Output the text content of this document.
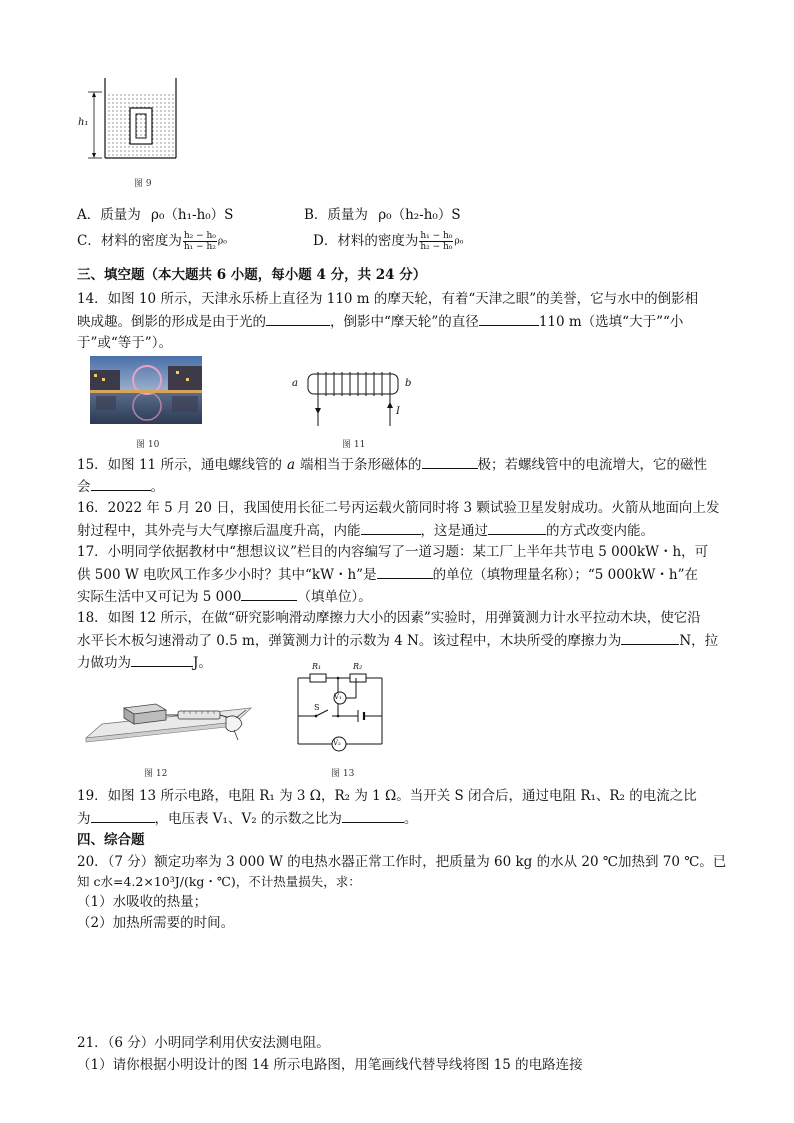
h₁
图 9
A．质量为 ρ₀（h₁-h₀）S	B．质量为 ρ₀（h₂-h₀）S
C．材料的密度为 $\frac{\text{h₂ − h₀}}{\text{h₁ − h₂}} \rho_0$	D．材料的密度为 $\frac{\text{h₁ − h₀}}{\text{h₂ − h₀}} \rho_0$
三、填空题（本大题共 6 小题，每小题 4 分，共 24 分）
14．如图 10 所示，天津永乐桥上直径为 110 m 的摩天轮，有着“天津之眼”的美誉，它与水中的倒影相
映成趣。倒影的形成是由于光的	，倒影中“摩天轮”的直径	110 m（选填“大于”“小
于”或“等于”）。
图 10
a	b
I
图 11
15．如图 11 所示，通电螺线管的 a 端相当于条形磁体的	极；若螺线管中的电流增大，它的磁性
会	。
16．2022 年 5 月 20 日，我国使用长征二号丙运载火箭同时将 3 颗试验卫星发射成功。火箭从地面向上发
射过程中，其外壳与大气摩擦后温度升高，内能	，这是通过	的方式改变内能。
17．小明同学依据教材中“想想议议”栏目的内容编写了一道习题：某工厂上半年共节电 5 000kW・h，可
供 500 W 电吹风工作多少小时？其中“kW・h”是	的单位（填物理量名称）；“5 000kW・h”在
实际生活中又可记为 5 000	（填单位）。
18．如图 12 所示，在做“研究影响滑动摩擦力大小的因素”实验时，用弹簧测力计水平拉动木块，使它沿
水平长木板匀速滑动了 0.5 m，弹簧测力计的示数为 4 N。该过程中，木块所受的摩擦力为	N，拉
力做功为	J。
图 12
R₁	R₂
V₁
V₂
S
图 13
19．如图 13 所示电路，电阻 R₁ 为 3 Ω，R₂ 为 1 Ω。当开关 S 闭合后，通过电阻 R₁、R₂ 的电流之比
为	，电压表 V₁、V₂ 的示数之比为	。
四、综合题
20．（7 分）额定功率为 3 000 W 的电热水器正常工作时，把质量为 60 kg 的水从 20 ℃加热到 70 ℃。已
知 c水=4.2×10³J/(kg・℃)，不计热量损失，求：
（1）水吸收的热量；
（2）加热所需要的时间。
21．（6 分）小明同学利用伏安法测电阻。
（1）请你根据小明设计的图 14 所示电路图，用笔画线代替导线将图 15 的电路连接
